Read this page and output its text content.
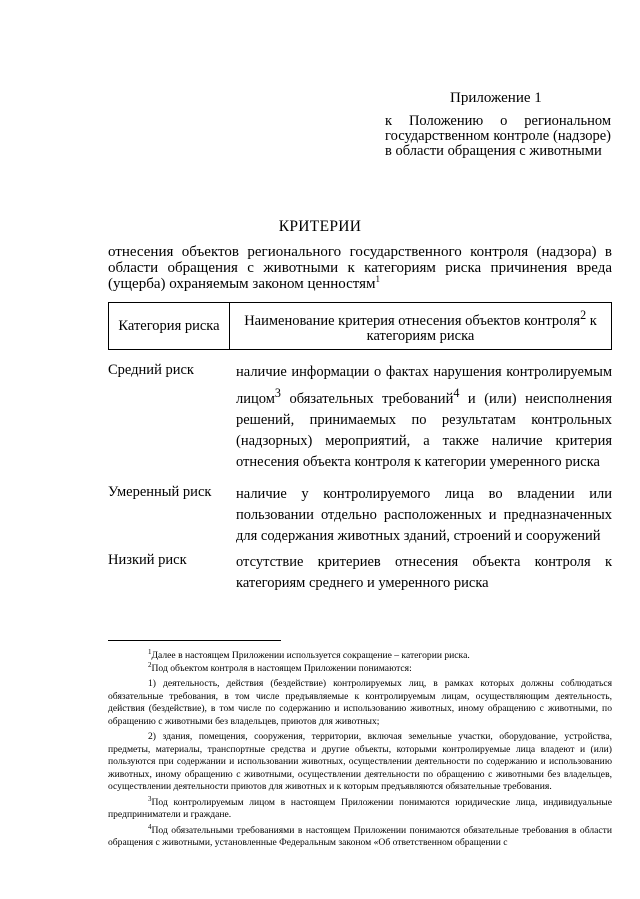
Приложение 1
к Положению о региональном государственном контроле (надзоре) в области обращения с животными
КРИТЕРИИ
отнесения объектов регионального государственного контроля (надзора) в области обращения с животными к категориям риска причинения вреда (ущерба) охраняемым законом ценностям$^1$
Категория риска	Наименование критерия отнесения объектов контроля$^2$ к категориям риска
Средний риск	наличие информации о фактах нарушения контролируемым лицом$^3$ обязательных требований$^4$ и (или) неисполнения решений, принимаемых по результатам контрольных (надзорных) мероприятий, а также наличие критерия отнесения объекта контроля к категории умеренного риска
Умеренный риск	наличие у контролируемого лица во владении или пользовании отдельно расположенных и предназначенных для содержания животных зданий, строений и сооружений
Низкий риск	отсутствие критериев отнесения объекта контроля к категориям среднего и умеренного риска

$^1$Далее в настоящем Приложении используется сокращение – категории риска.

$^2$Под объектом контроля в настоящем Приложении понимаются:

1) деятельность, действия (бездействие) контролируемых лиц, в рамках которых должны соблюдаться обязательные требования, в том числе предъявляемые к контролируемым лицам, осуществляющим деятельность, действия (бездействие), в том числе по содержанию и использованию животных, иному обращению с животными, по обращению с животными без владельцев, приютов для животных;

2) здания, помещения, сооружения, территории, включая земельные участки, оборудование, устройства, предметы, материалы, транспортные средства и другие объекты, которыми контролируемые лица владеют и (или) пользуются при содержании и использовании животных, осуществлении деятельности по содержанию и использованию животных, иному обращению с животными, осуществлении деятельности по обращению с животными без владельцев, осуществлении деятельности приютов для животных и к которым предъявляются обязательные требования.

$^3$Под контролируемым лицом в настоящем Приложении понимаются юридические лица, индивидуальные предприниматели и граждане.

$^4$Под обязательными требованиями в настоящем Приложении понимаются обязательные требования в области обращения с животными, установленные Федеральным законом «Об ответственном обращении с
